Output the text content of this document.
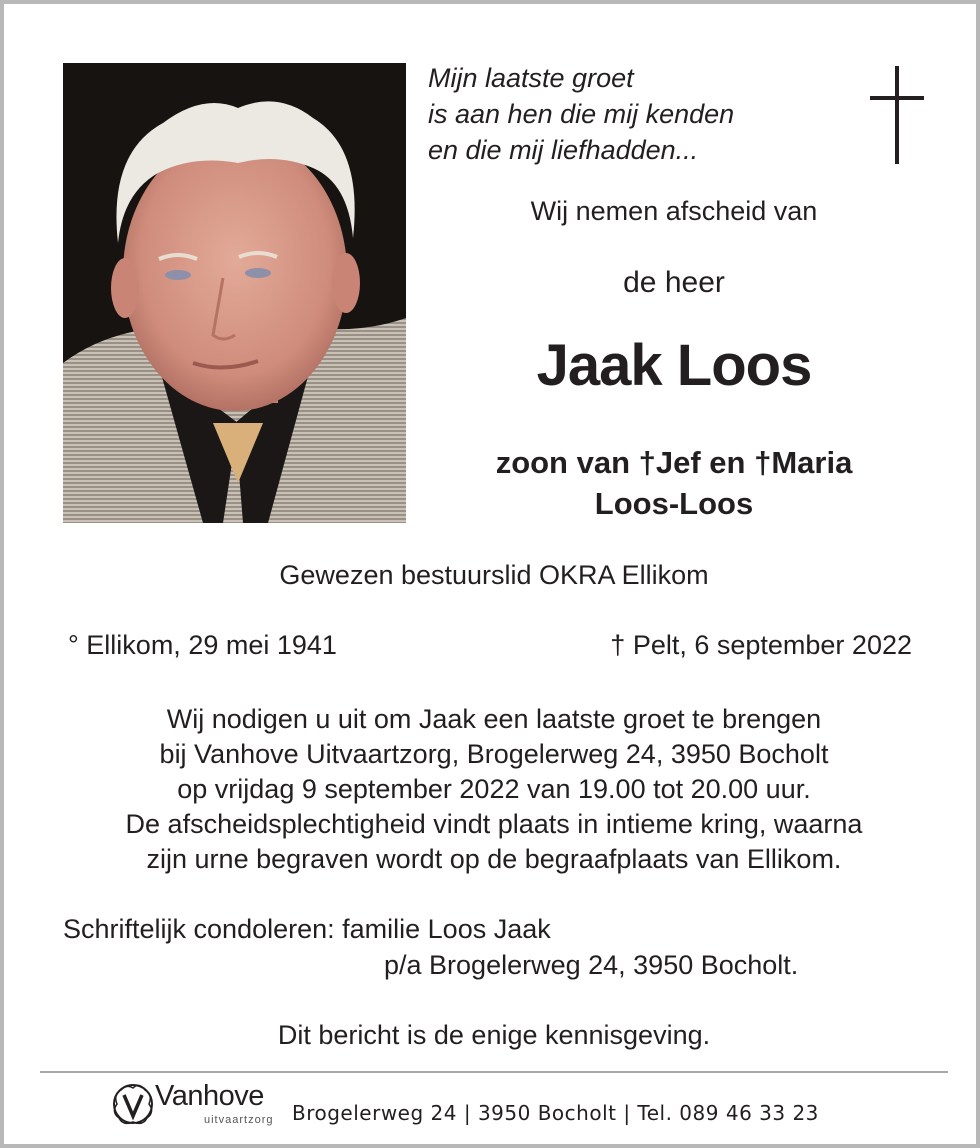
Mijn laatste groet
is aan hen die mij kenden
en die mij liefhadden...
Wij nemen afscheid van
de heer
Jaak Loos
zoon van †Jef en †Maria
Loos-Loos
Gewezen bestuurslid OKRA Ellikom
° Ellikom, 29 mei 1941	† Pelt, 6 september 2022
Wij nodigen u uit om Jaak een laatste groet te brengen
bij Vanhove Uitvaartzorg, Brogelerweg 24, 3950 Bocholt
op vrijdag 9 september 2022 van 19.00 tot 20.00 uur.
De afscheidsplechtigheid vindt plaats in intieme kring, waarna
zijn urne begraven wordt op de begraafplaats van Ellikom.
Schriftelijk condoleren: familie Loos Jaak
p/a Brogelerweg 24, 3950 Bocholt.
Dit bericht is de enige kennisgeving.
Vanhove
uitvaartzorg Brogelerweg 24 | 3950 Bocholt | Tel. 089 46 33 23
